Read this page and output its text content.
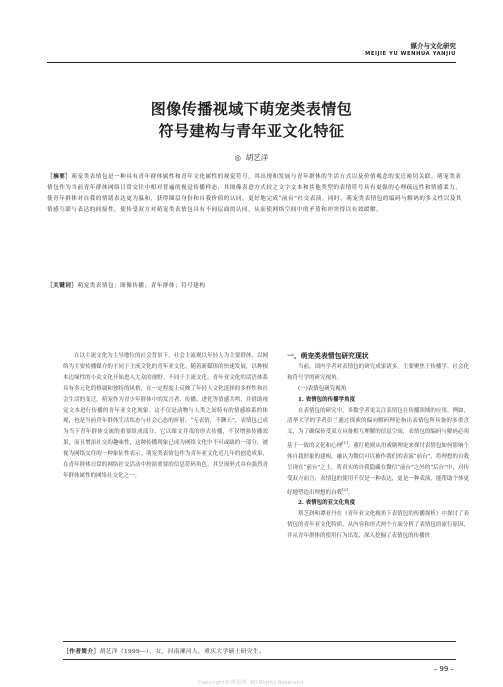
媒介与文化研究
MEIJIE YU WENHUA YANJIU
图像传播视域下萌宠类表情包
符号建构与青年亚文化特征
◎ 胡艺洋
［摘要］萌宠类表情包是一种具有青年群体属性和青年文化属性的视觉符号，其出现和发展与青年群体的生活方式以及价值观念的变迁密切关联。萌宠类表情包作为当前青年群体网络日常交往中相对普遍的视觉传播样态，其图像表意方式较之文字文本和其他类型的表情符号具有更强的心理疏远性和情感柔力，使青年群体对自我的情绪表达更为温和，获得圈层身份和自我价值的认同，更好地完成“前台”社交表演。同时，萌宠类表情包的编码与解码的多义性以及其情感互联与表达的间接性，使传受双方对萌宠类表情包具有不同层面的认同，从而使网络空间中的矛盾和冲突得以有效缓解。
［关键词］萌宠类表情包；图像传播；青年群体；符号建构

在以主流文化为主导地位的社会背景下，社会主流观以年轻人为主要群体，以网络为主要传播媒介的不同于主流文化的青年亚文化。随着新媒体的快速发展，以种根本边缘性的小众文化开始进入大众的视野。不同于主流文化，青年亚文化的话语体系具有多元化的格调和独特的风格，在一定程度上反映了年轻人文化选择的多样性和社会生活的变迁。萌宠作为青少年群体中的发言者，传播、进化等情感共鸣，并借助视觉文本进行传播的青年亚文化现象。这不仅是动物与人类之间特有的情感维系的体现，也是当前青年群体生活状态与社会心态的折射。“无表情，不聊天”，表情包已成为当下青年群体交流的重要组成部分，它以图文并茂的形式传播，不仅增强传播效果，而且增添社交的趣味性，这种传播现象已成为网络文化中不可或缺的一部分，被视为网络交往的一种象征性表示。萌宠类表情包作为青年亚文化近几年的创造成果，在青年群体日常的网络社交活动中扮演重要的信息符码角色，其呈现形式具有强烈青年群体属性的网络社交化之一。

一、萌宠类表情包研究现状

当前，国内学者对表情包的研究成果诸多，主要聚焦于传播学、社会化和符号学的研究视角。

(一)表情包研究视角

1. 表情包的传播学角度

在表情包的研究中，多数学者更关注表情包在传播领域的应用。例如，清华大学的学者彭兰通过探索的偏向解码理论指出表情包所具备的多重含义，为了确保传受双方具备相互理解的信息空间，表情包的编码与解码必须基于一致的文化和心理[1]。董红艳则从用戏剧理论来探讨表情包如何影响个体自我形象的建构，融认为微信可以被作我们的表演“前台”，将理想的自我呈现在“前台”之上，将真实的自我隐藏在微信“前台”之外的“后台”中，对传受双方而言，表情包的使用不仅是一种表达，更是一种表演，能帮助个体更好地塑造出理想的自我[2]。

2. 表情包的亚文化角度

蔡芝润和谭亚丹在《青年亚文化视角下表情包的传播探析》中探讨了表情包的青年亚文化特质，从内容和形式两个方面分析了表情包的流行原因，并从青年群体的使用行为出发，深入挖掘了表情包的传播价

［作者简介］胡艺洋（1999—），女，河南漯河人，重庆大学硕士研究生。
– 99 –
Copyright©博看网. All Rights Reserved.
